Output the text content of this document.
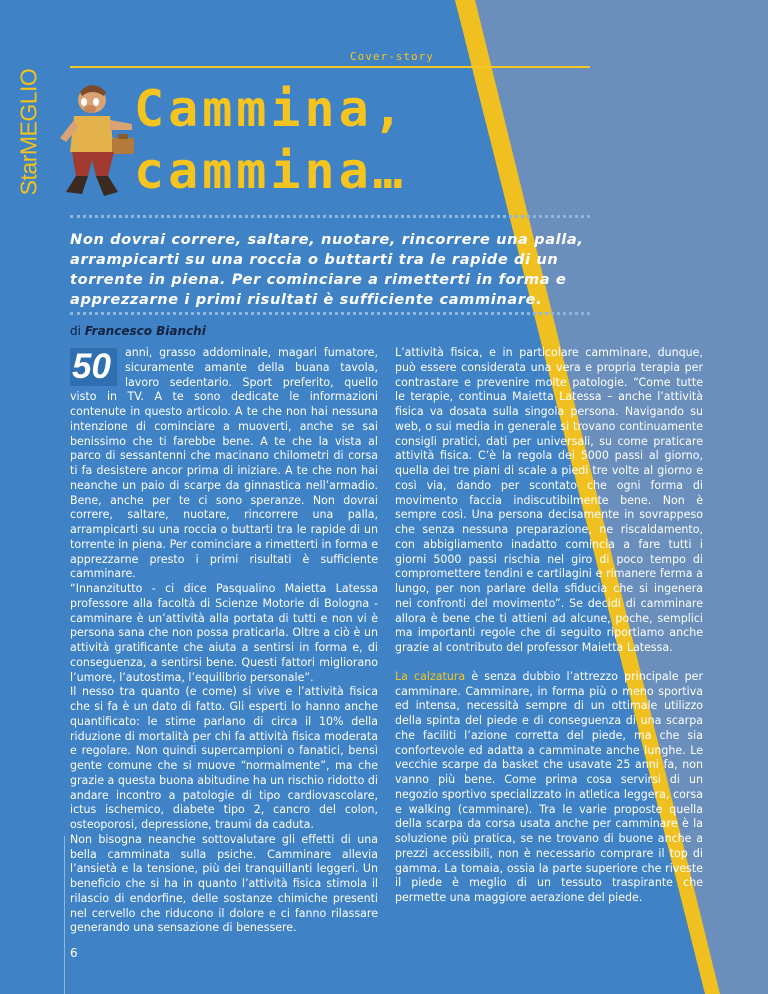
StarMEGLIO
Cover-story
Cammina,
cammina…

Non dovrai correre, saltare, nuotare, rincorrere una palla, arrampicarti su una roccia o buttarti tra le rapide di un torrente in piena. Per cominciare a rimetterti in forma e apprezzarne i primi risultati è sufficiente camminare.

di Francesco Bianchi

50	anni, grasso addominale, magari fumatore, sicuramente amante della buana tavola, lavoro sedentario. Sport preferito, quello visto in TV. A te sono dedicate le informazioni contenute in questo articolo. A te che non hai nessuna intenzione di cominciare a muoverti, anche se sai benissimo che ti farebbe bene. A te che la vista al parco di sessantenni che macinano chilometri di corsa ti fa desistere ancor prima di iniziare. A te che non hai neanche un paio di scarpe da ginnastica nell’armadio. Bene, anche per te ci sono speranze. Non dovrai correre, saltare, nuotare, rincorrere una palla, arrampicarti su una roccia o buttarti tra le rapide di un torrente in piena. Per cominciare a rimetterti in forma e apprezzarne presto i primi risultati è sufficiente camminare.

“Innanzitutto - ci dice Pasqualino Maietta Latessa professore alla facoltà di Scienze Motorie di Bologna - camminare è un’attività alla portata di tutti e non vi è persona sana che non possa praticarla. Oltre a ciò è un attività gratificante che aiuta a sentirsi in forma e, di conseguenza, a sentirsi bene. Questi fattori migliorano l’umore, l’autostima, l’equilibrio personale”.

Il nesso tra quanto (e come) si vive e l’attività fisica che si fa è un dato di fatto. Gli esperti lo hanno anche quantificato: le stime parlano di circa il 10% della riduzione di mortalità per chi fa attività fisica moderata e regolare. Non quindi supercampioni o fanatici, bensì gente comune che si muove “normalmente”, ma che grazie a questa buona abitudine ha un rischio ridotto di andare incontro a patologie di tipo cardiovascolare, ictus ischemico, diabete tipo 2, cancro del colon, osteoporosi, depressione, traumi da caduta.

Non bisogna neanche sottovalutare gli effetti di una bella camminata sulla psiche. Camminare allevia l’ansietà e la tensione, più dei tranquillanti leggeri. Un beneficio che si ha in quanto l’attività fisica stimola il rilascio di endorfine, delle sostanze chimiche presenti nel cervello che riducono il dolore e ci fanno rilassare generando una sensazione di benessere.

L’attività fisica, e in particolare camminare, dunque, può essere considerata una vera e propria terapia per contrastare e prevenire molte patologie. “Come tutte le terapie, continua Maietta Latessa – anche l’attività fisica va dosata sulla singola persona. Navigando su web, o sui media in generale si trovano continuamente consigli pratici, dati per universali, su come praticare attività fisica. C’è la regola dei 5000 passi al giorno, quella dei tre piani di scale a piedi tre volte al giorno e così via, dando per scontato che ogni forma di movimento faccia indiscutibilmente bene. Non è sempre così. Una persona decisamente in sovrappeso che senza nessuna preparazione, ne riscaldamento, con abbigliamento inadatto comincia a fare tutti i giorni 5000 passi rischia nel giro di poco tempo di compromettere tendini e cartilagini e rimanere ferma a lungo, per non parlare della sfiducia che si ingenera nei confronti del movimento”. Se decidi di camminare allora è bene che ti attieni ad alcune, poche, semplici ma importanti regole che di seguito riportiamo anche grazie al contributo del professor Maietta Latessa.

La calzatura è senza dubbio l’attrezzo principale per camminare. Camminare, in forma più o meno sportiva ed intensa, necessità sempre di un ottimale utilizzo della spinta del piede e di conseguenza di una scarpa che faciliti l’azione corretta del piede, ma che sia confortevole ed adatta a camminate anche lunghe. Le vecchie scarpe da basket che usavate 25 anni fa, non vanno più bene. Come prima cosa servirsi di un negozio sportivo specializzato in atletica leggera, corsa e walking (camminare). Tra le varie proposte quella della scarpa da corsa usata anche per camminare è la soluzione più pratica, se ne trovano di buone anche a prezzi accessibili, non è necessario comprare il top di gamma. La tomaia, ossia la parte superiore che riveste il piede è meglio di un tessuto traspirante che permette una maggiore aerazione del piede.

6
